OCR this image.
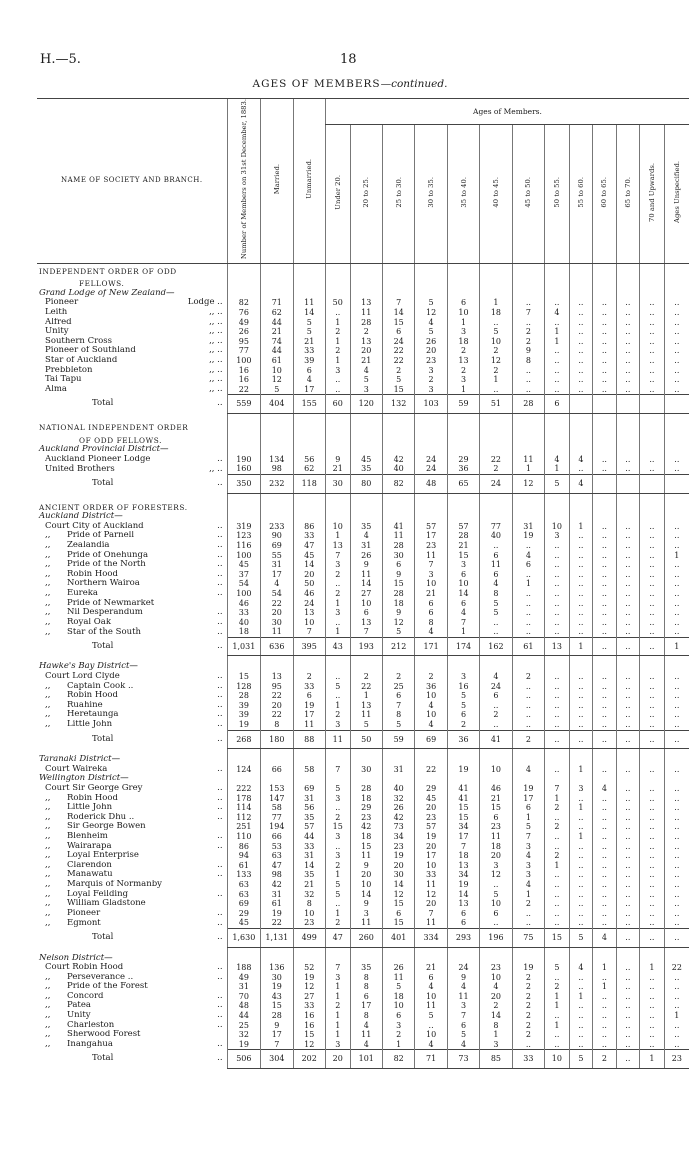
H.—5.	18
AGES OF MEMBERS—continued.
NAME OF SOCIETY AND BRANCH.	Number of Members on 31st December, 1883.	Married.	Unmarried.	Ages of Members.												
				Under 20.	20 to 25.	25 to 30.	30 to 35.	35 to 40.	40 to 45.	45 to 50.	50 to 55.	55 to 60.	60 to 65.	65 to 70.	70 and Upwards.	Ages Unspecified.
INDEPENDENT ORDER OF ODD																
FELLOWS.																
Grand Lodge of New Zealand—																
Pioneer Lodge ..	82	71	11	50	13	7	5	6	1	..	..	..	..	..	..	..
Leith ,, ..	76	62	14	..	11	14	12	10	18	7	4	..	..	..	..	..
Alfred ,, ..	49	44	5	1	28	15	4	1	..	..	..	..	..	..	..	..
Unity ,, ..	26	21	5	2	2	6	5	3	5	2	1	..	..	..	..	..
Southern Cross ,, ..	95	74	21	1	13	24	26	18	10	2	1	..	..	..	..	..
Pioneer of Southland ,, ..	77	44	33	2	20	22	20	2	2	9	..	..	..	..	..	..
Star of Auckland ,, ..	100	61	39	1	21	22	23	13	12	8	..	..	..	..	..	..
Prebbleton ,, ..	16	10	6	3	4	2	3	2	2	..	..	..	..	..	..	..
Tai Tapu ,, ..	16	12	4	..	5	5	2	3	1	..	..	..	..	..	..	..
Alma ,, ..	22	5	17	..	3	15	3	1	..	..	..	..	..	..	..	..
Total ..	559	404	155	60	120	132	103	59	51	28	6					

NATIONAL INDEPENDENT ORDER																
OF ODD FELLOWS.																
Auckland Provincial District—																
Auckland Pioneer Lodge ..	190	134	56	9	45	42	24	29	22	11	4	4	..	..	..	..
United Brothers ,, ..	160	98	62	21	35	40	24	36	2	1	1	..	..	..	..	..
Total ..	350	232	118	30	80	82	48	65	24	12	5	4				

ANCIENT ORDER OF FORESTERS.																
Auckland District—																
Court City of Auckland ..	319	233	86	10	35	41	57	57	77	31	10	1	..	..	..	..
,, Pride of Parnell ..	123	90	33	1	4	11	17	28	40	19	3	..	..	..	..	..
,, Zealandia ..	116	69	47	13	31	28	23	21	..	..	..	..	..	..	..	..
,, Pride of Onehunga ..	100	55	45	7	26	30	11	15	6	4	..	..	..	..	..	1
,, Pride of the North ..	45	31	14	3	9	6	7	3	11	6	..	..	..	..	..	..
,, Robin Hood ..	37	17	20	2	11	9	3	6	6	..	..	..	..	..	..	..
,, Northern Wairoa ..	54	4	50	..	14	15	10	10	4	1	..	..	..	..	..	..
,, Eureka ..	100	54	46	2	27	28	21	14	8	..	..	..	..	..	..	..
,, Pride of Newmarket	46	22	24	1	10	18	6	6	5	..	..	..	..	..	..	..
,, Nil Desperandum ..	33	20	13	3	6	9	6	4	5	..	..	..	..	..	..	..
,, Royal Oak ..	40	30	10	..	13	12	8	7	..	..	..	..	..	..	..	..
,, Star of the South ..	18	11	7	1	7	5	4	1	..	..	..	..	..	..	..	..
Total ..	1,031	636	395	43	193	212	171	174	162	61	13	1	..	..	..	1

Hawke's Bay District—																
Court Lord Clyde ..	15	13	2	..	2	2	2	3	4	2	..	..	..	..	..	..
,, Captain Cook .. ..	128	95	33	5	22	25	36	16	24	..	..	..	..	..	..	..
,, Robin Hood ..	28	22	6	..	1	6	10	5	6	..	..	..	..	..	..	..
,, Ruahine ..	39	20	19	1	13	7	4	5	..	..	..	..	..	..	..	..
,, Heretaunga ..	39	22	17	2	11	8	10	6	2	..	..	..	..	..	..	..
,, Little John ..	19	8	11	3	5	5	4	2	..	..	..	..	..	..	..	..
Total ..	268	180	88	11	50	59	69	36	41	2	..	..	..	..	..	..

Taranaki District—																
Court Waireka ..	124	66	58	7	30	31	22	19	10	4	..	1	..	..	..	..
Wellington District—																
Court Sir George Grey ..	222	153	69	5	28	40	29	41	46	19	7	3	4	..	..	..
,, Robin Hood ..	178	147	31	3	18	32	45	41	21	17	1	..	..	..	..	..
,, Little John ..	114	58	56	..	29	26	20	15	15	6	2	1	..	..	..	..
,, Roderick Dhu .. ..	112	77	35	2	23	42	23	15	6	1	..	..	..	..	..	..
,, Sir George Bowen	251	194	57	15	42	73	57	34	23	5	2	..	..	..	..	..
,, Blenheim ..	110	66	44	3	18	34	19	17	11	7	..	1	..	..	..	..
,, Wairarapa ..	86	53	33	..	15	23	20	7	18	3	..	..	..	..	..	..
,, Loyal Enterprise	94	63	31	3	11	19	17	18	20	4	2	..	..	..	..	..
,, Clarendon ..	61	47	14	2	9	20	10	13	3	3	1	..	..	..	..	..
,, Manawatu ..	133	98	35	1	20	30	33	34	12	3	..	..	..	..	..	..
,, Marquis of Normanby	63	42	21	5	10	14	11	19	..	4	..	..	..	..	..	..
,, Loyal Feilding ..	63	31	32	5	14	12	12	14	5	1	..	..	..	..	..	..
,, William Gladstone	69	61	8	..	9	15	20	13	10	2	..	..	..	..	..	..
,, Pioneer ..	29	19	10	1	3	6	7	6	6	..	..	..	..	..	..	..
,, Egmont ..	45	22	23	2	11	15	11	6	..	..	..	..	..	..	..	..
Total ..	1,630	1,131	499	47	260	401	334	293	196	75	15	5	4	..	..	..

Nelson District—																
Court Robin Hood ..	188	136	52	7	35	26	21	24	23	19	5	4	1	..	1	22
,, Perseverance .. ..	49	30	19	3	8	11	6	9	10	2	..	..	..	..	..	..
,, Pride of the Forest	31	19	12	1	8	5	4	4	4	2	2	..	1	..	..	..
,, Concord ..	70	43	27	1	6	18	10	11	20	2	1	1	..	..	..	..
,, Patea ..	48	15	33	2	17	10	11	3	2	2	1	..	..	..	..	..
,, Unity ..	44	28	16	1	8	6	5	7	14	2	..	..	..	..	..	1
,, Charleston ..	25	9	16	1	4	3	..	6	8	2	1	..	..	..	..	..
,, Sherwood Forest	32	17	15	1	11	2	10	5	1	2	..	..	..	..	..	..
,, Inangahua ..	19	7	12	3	4	1	4	4	3	..	..	..	..	..	..	..
Total ..	506	304	202	20	101	82	71	73	85	33	10	5	2	..	1	23
